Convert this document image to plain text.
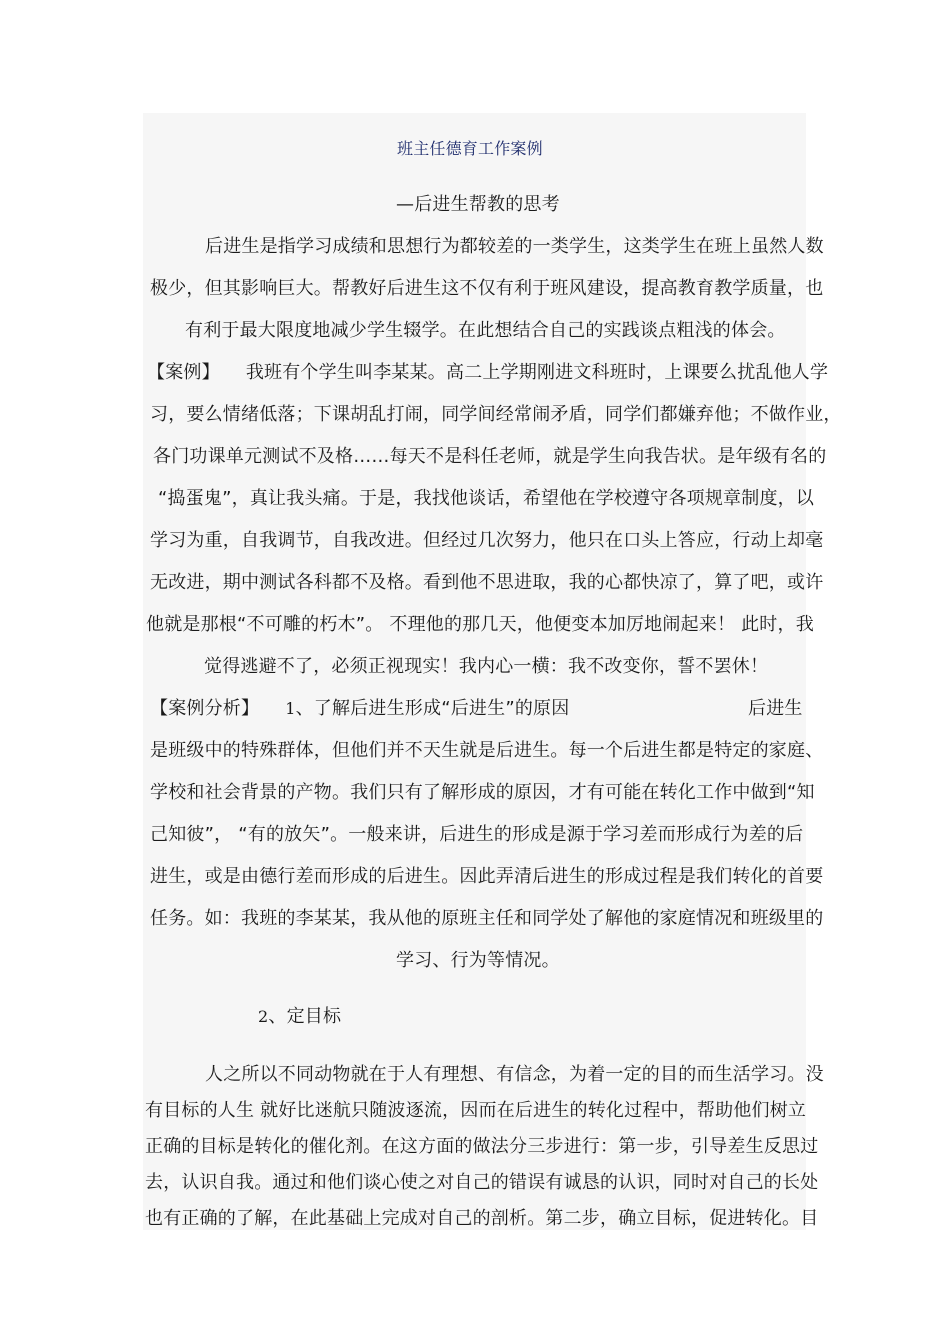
班主任德育工作案例
—后进生帮教的思考
后进生是指学习成绩和思想行为都较差的一类学生，这类学生在班上虽然人数
极少，但其影响巨大。帮教好后进生这不仅有利于班风建设，提高教育教学质量，也
有利于最大限度地减少学生辍学。在此想结合自己的实践谈点粗浅的体会。
【案例】 我班有个学生叫李某某。高二上学期刚进文科班时，上课要么扰乱他人学
习，要么情绪低落；下课胡乱打闹，同学间经常闹矛盾，同学们都嫌弃他；不做作业，
各门功课单元测试不及格……每天不是科任老师，就是学生向我告状。是年级有名的
“捣蛋鬼”，真让我头痛。于是，我找他谈话，希望他在学校遵守各项规章制度，以
学习为重，自我调节，自我改进。但经过几次努力，他只在口头上答应，行动上却毫
无改进，期中测试各科都不及格。看到他不思进取，我的心都快凉了，算了吧，或许
他就是那根“不可雕的朽木”。 不理他的那几天，他便变本加厉地闹起来！ 此时，我
觉得逃避不了，必须正视现实！我内心一横：我不改变你，誓不罢休！
【案例分析】 1、了解后进生形成“后进生”的原因	后进生
是班级中的特殊群体，但他们并不天生就是后进生。每一个后进生都是特定的家庭、
学校和社会背景的产物。我们只有了解形成的原因，才有可能在转化工作中做到“知
己知彼”， “有的放矢”。一般来讲，后进生的形成是源于学习差而形成行为差的后
进生，或是由德行差而形成的后进生。因此弄清后进生的形成过程是我们转化的首要
任务。如：我班的李某某，我从他的原班主任和同学处了解他的家庭情况和班级里的
学习、行为等情况。
2、定目标
人之所以不同动物就在于人有理想、有信念，为着一定的目的而生活学习。没
有目标的人生 就好比迷航只随波逐流，因而在后进生的转化过程中，帮助他们树立
正确的目标是转化的催化剂。在这方面的做法分三步进行：第一步，引导差生反思过
去，认识自我。通过和他们谈心使之对自己的错误有诚恳的认识，同时对自己的长处
也有正确的了解，在此基础上完成对自己的剖析。第二步，确立目标，促进转化。目
